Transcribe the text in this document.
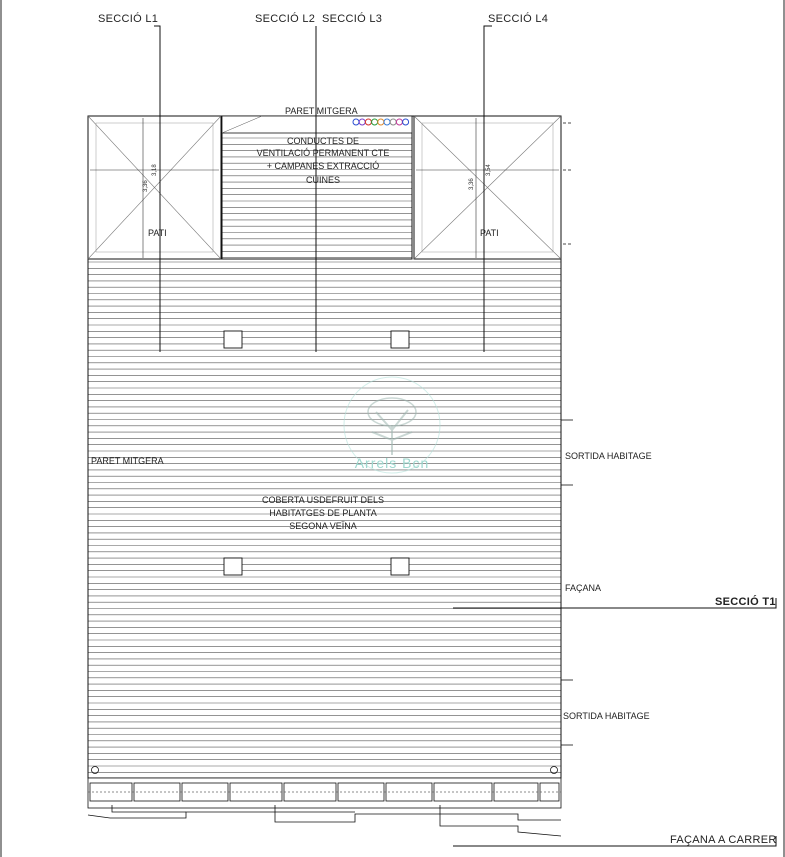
Arrels Bcn
SECCIÓ L1	SECCIÓ L2 SECCIÓ L3	SECCIÓ L4
SECCIÓ T1
PARET MITGERA
PARET MITGERA
CONDUCTES DE
VENTILACIÓ PERMANENT CTE
+ CAMPANES EXTRACCIÓ
CUINES
PATI	PATI
3,36
3,18
3,36
3,54
COBERTA USDEFRUIT DELS
HABITATGES DE PLANTA
SEGONA VEÏNA
SORTIDA HABITAGE
FAÇANA
SORTIDA HABITAGE
FAÇANA A CARRER
